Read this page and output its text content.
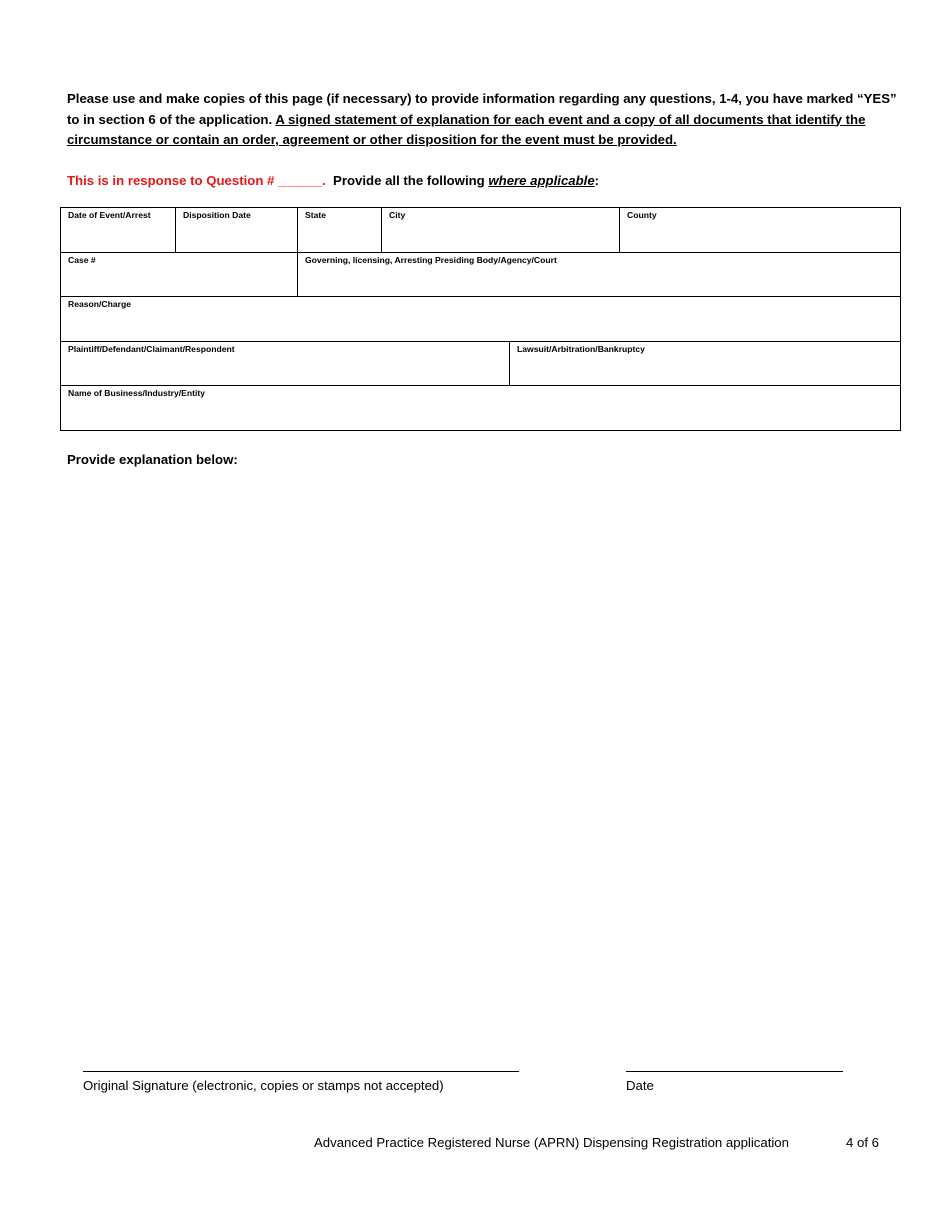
Please use and make copies of this page (if necessary) to provide information regarding any questions, 1-4, you have marked “YES” to in section 6 of the application. A signed statement of explanation for each event and a copy of all documents that identify the circumstance or contain an order, agreement or other disposition for the event must be provided.
This is in response to Question # ______.  Provide all the following where applicable:
Date of Event/Arrest	Disposition Date	State	City		County
Case #		Governing, licensing, Arresting Presiding Body/Agency/Court			
Reason/Charge					
Plaintiff/Defendant/Claimant/Respondent				Lawsuit/Arbitration/Bankruptcy	
Name of Business/Industry/Entity					
Provide explanation below:
Original Signature (electronic, copies or stamps not accepted)	Date
Advanced Practice Registered Nurse (APRN) Dispensing Registration application	4 of 6
